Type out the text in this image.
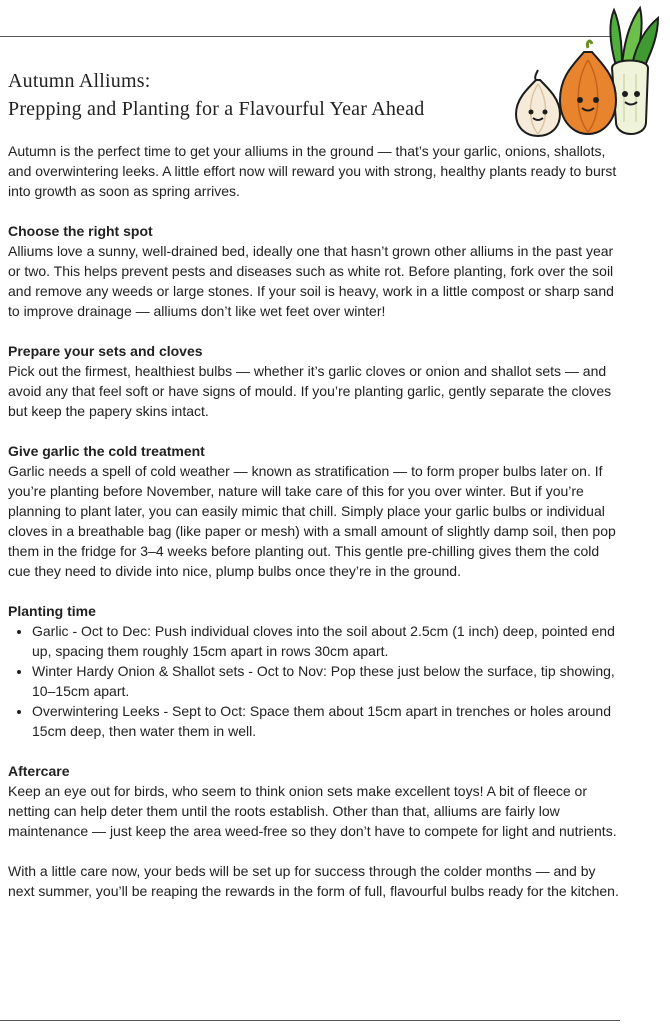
Autumn Alliums:
Prepping and Planting for a Flavourful Year Ahead

Autumn is the perfect time to get your alliums in the ground — that’s your garlic, onions, shallots, and overwintering leeks. A little effort now will reward you with strong, healthy plants ready to burst into growth as soon as spring arrives.

Choose the right spot

Alliums love a sunny, well-drained bed, ideally one that hasn’t grown other alliums in the past year or two. This helps prevent pests and diseases such as white rot. Before planting, fork over the soil and remove any weeds or large stones. If your soil is heavy, work in a little compost or sharp sand to improve drainage — alliums don’t like wet feet over winter!

Prepare your sets and cloves

Pick out the firmest, healthiest bulbs — whether it’s garlic cloves or onion and shallot sets — and avoid any that feel soft or have signs of mould. If you’re planting garlic, gently separate the cloves but keep the papery skins intact.

Give garlic the cold treatment

Garlic needs a spell of cold weather — known as stratification — to form proper bulbs later on. If you’re planting before November, nature will take care of this for you over winter. But if you’re planning to plant later, you can easily mimic that chill. Simply place your garlic bulbs or individual cloves in a breathable bag (like paper or mesh) with a small amount of slightly damp soil, then pop them in the fridge for 3–4 weeks before planting out. This gentle pre-chilling gives them the cold cue they need to divide into nice, plump bulbs once they’re in the ground.

Planting time

• Garlic - Oct to Dec: Push individual cloves into the soil about 2.5cm (1 inch) deep, pointed end up, spacing them roughly 15cm apart in rows 30cm apart.
• Winter Hardy Onion & Shallot sets - Oct to Nov: Pop these just below the surface, tip showing, 10–15cm apart.
• Overwintering Leeks - Sept to Oct: Space them about 15cm apart in trenches or holes around 15cm deep, then water them in well.

Aftercare

Keep an eye out for birds, who seem to think onion sets make excellent toys! A bit of fleece or netting can help deter them until the roots establish. Other than that, alliums are fairly low maintenance — just keep the area weed-free so they don’t have to compete for light and nutrients.

With a little care now, your beds will be set up for success through the colder months — and by next summer, you’ll be reaping the rewards in the form of full, flavourful bulbs ready for the kitchen.
